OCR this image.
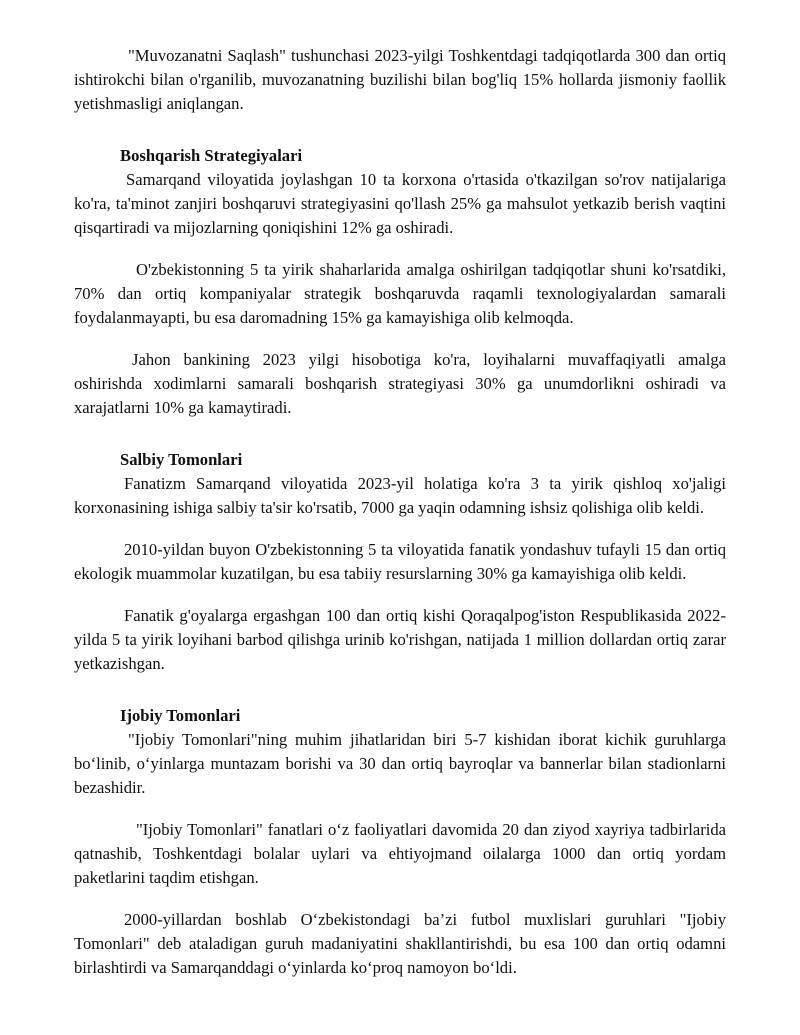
"Muvozanatni Saqlash" tushunchasi 2023-yilgi Toshkentdagi tadqiqotlarda 300 dan ortiq ishtirokchi bilan o'rganilib, muvozanatning buzilishi bilan bog'liq 15% hollarda jismoniy faollik yetishmasligi aniqlangan.

Boshqarish Strategiyalari

Samarqand viloyatida joylashgan 10 ta korxona o'rtasida o'tkazilgan so'rov natijalariga ko'ra, ta'minot zanjiri boshqaruvi strategiyasini qo'llash 25% ga mahsulot yetkazib berish vaqtini qisqartiradi va mijozlarning qoniqishini 12% ga oshiradi.

O'zbekistonning 5 ta yirik shaharlarida amalga oshirilgan tadqiqotlar shuni ko'rsatdiki, 70% dan ortiq kompaniyalar strategik boshqaruvda raqamli texnologiyalardan samarali foydalanmayapti, bu esa daromadning 15% ga kamayishiga olib kelmoqda.

Jahon bankining 2023 yilgi hisobotiga ko'ra, loyihalarni muvaffaqiyatli amalga oshirishda xodimlarni samarali boshqarish strategiyasi 30% ga unumdorlikni oshiradi va xarajatlarni 10% ga kamaytiradi.

Salbiy Tomonlari

Fanatizm Samarqand viloyatida 2023-yil holatiga ko'ra 3 ta yirik qishloq xo'jaligi korxonasining ishiga salbiy ta'sir ko'rsatib, 7000 ga yaqin odamning ishsiz qolishiga olib keldi.

2010-yildan buyon O'zbekistonning 5 ta viloyatida fanatik yondashuv tufayli 15 dan ortiq ekologik muammolar kuzatilgan, bu esa tabiiy resurslarning 30% ga kamayishiga olib keldi.

Fanatik g'oyalarga ergashgan 100 dan ortiq kishi Qoraqalpog'iston Respublikasida 2022-yilda 5 ta yirik loyihani barbod qilishga urinib ko'rishgan, natijada 1 million dollardan ortiq zarar yetkazishgan.

Ijobiy Tomonlari

"Ijobiy Tomonlari"ning muhim jihatlaridan biri 5-7 kishidan iborat kichik guruhlarga bo‘linib, o‘yinlarga muntazam borishi va 30 dan ortiq bayroqlar va bannerlar bilan stadionlarni bezashidir.

"Ijobiy Tomonlari" fanatlari o‘z faoliyatlari davomida 20 dan ziyod xayriya tadbirlarida qatnashib, Toshkentdagi bolalar uylari va ehtiyojmand oilalarga 1000 dan ortiq yordam paketlarini taqdim etishgan.

2000-yillardan boshlab O‘zbekistondagi ba’zi futbol muxlislari guruhlari "Ijobiy Tomonlari" deb ataladigan guruh madaniyatini shakllantirishdi, bu esa 100 dan ortiq odamni birlashtirdi va Samarqanddagi o‘yinlarda ko‘proq namoyon bo‘ldi.
